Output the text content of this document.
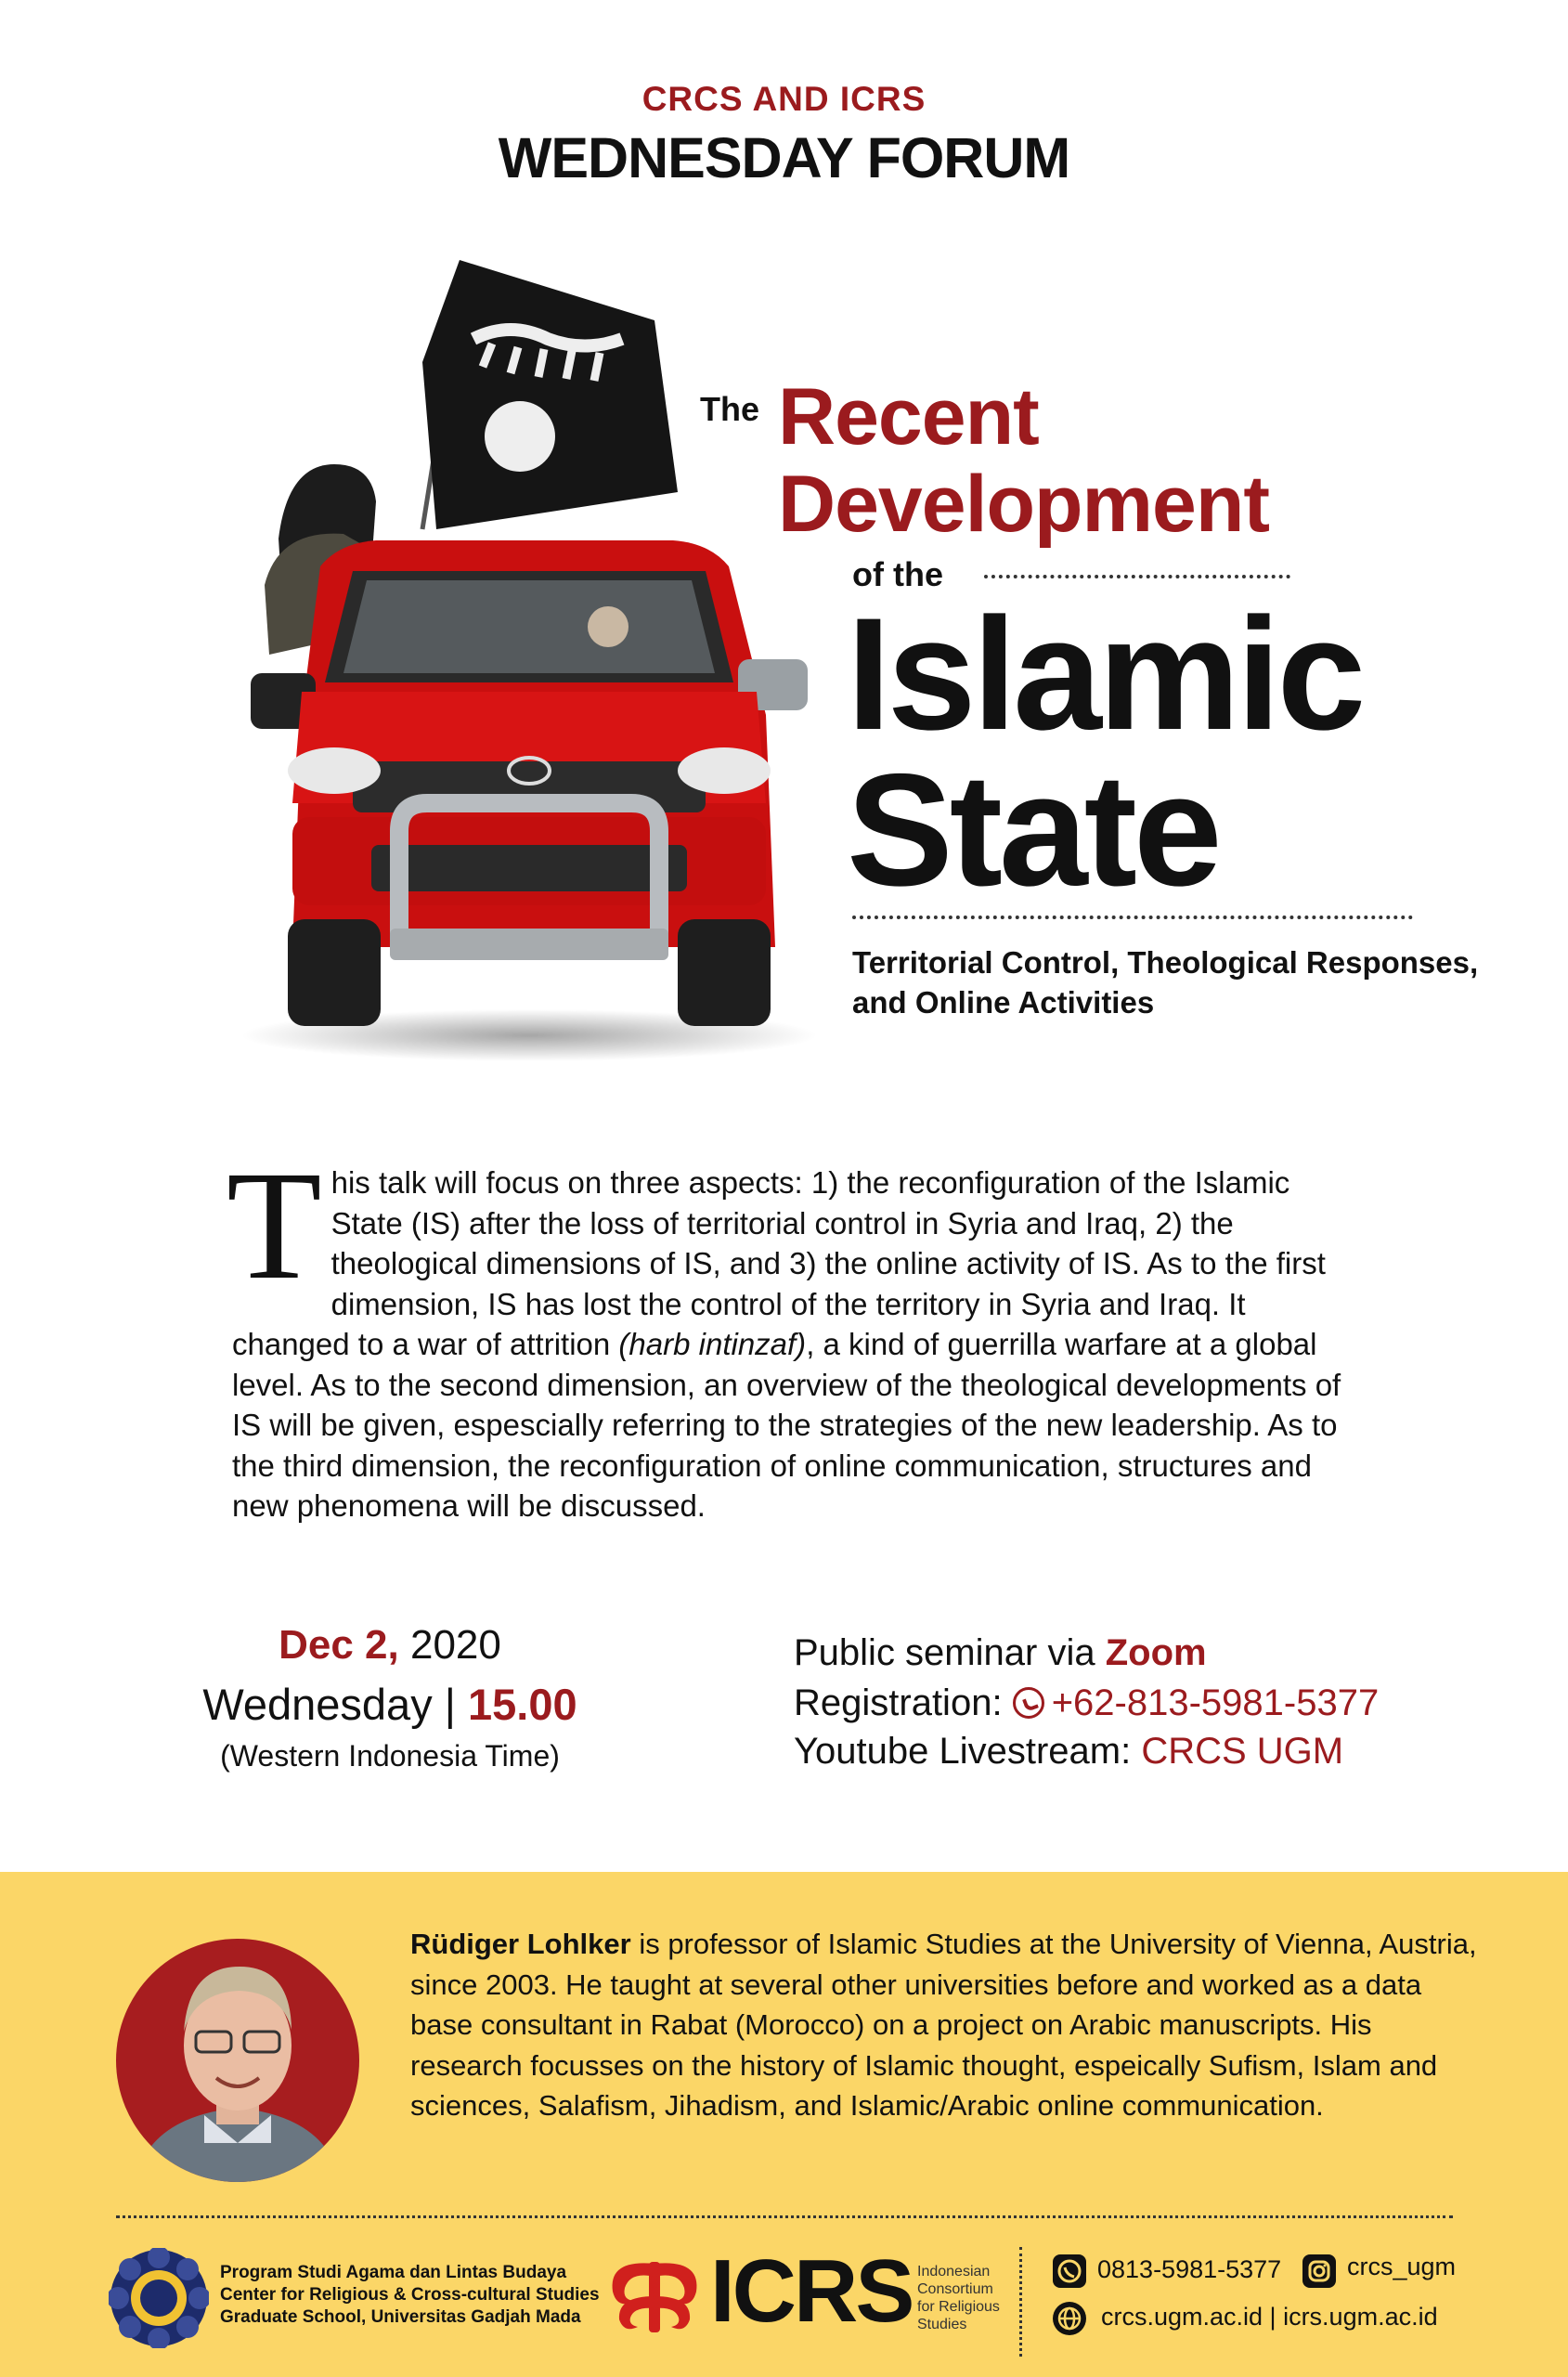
CRCS AND ICRS
WEDNESDAY FORUM
The Recent
Development
of the
Islamic
State
Territorial Control, Theological Responses,
and Online Activities
This talk will focus on three aspects: 1) the reconfiguration of the Islamic State (IS) after the loss of territorial control in Syria and Iraq, 2) the theological dimensions of IS, and 3) the online activity of IS. As to the first dimension, IS has lost the control of the territory in Syria and Iraq. It changed to a war of attrition (harb intinzaf), a kind of guerrilla warfare at a global level. As to the second dimension, an overview of the theological developments of IS will be given, espescially referring to the strategies of the new leadership. As to the third dimension, the reconfiguration of online communication, structures and new phenomena will be discussed.
Dec 2, 2020
Wednesday | 15.00
(Western Indonesia Time)
Public seminar via Zoom
Registration: +62-813-5981-5377
Youtube Livestream: CRCS UGM
Rüdiger Lohlker is professor of Islamic Studies at the University of Vienna, Austria, since 2003. He taught at several other universities before and worked as a data base consultant in Rabat (Morocco) on a project on Arabic manuscripts. His research focusses on the history of Islamic thought, espeically Sufism, Islam and sciences, Salafism, Jihadism, and Islamic/Arabic online communication.
Program Studi Agama dan Lintas Budaya
Center for Religious & Cross-cultural Studies
Graduate School, Universitas Gadjah Mada ICRS Indonesian
Consortium
for Religious
Studies
0813-5981-5377	crcs_ugm
crcs.ugm.ac.id | icrs.ugm.ac.id
